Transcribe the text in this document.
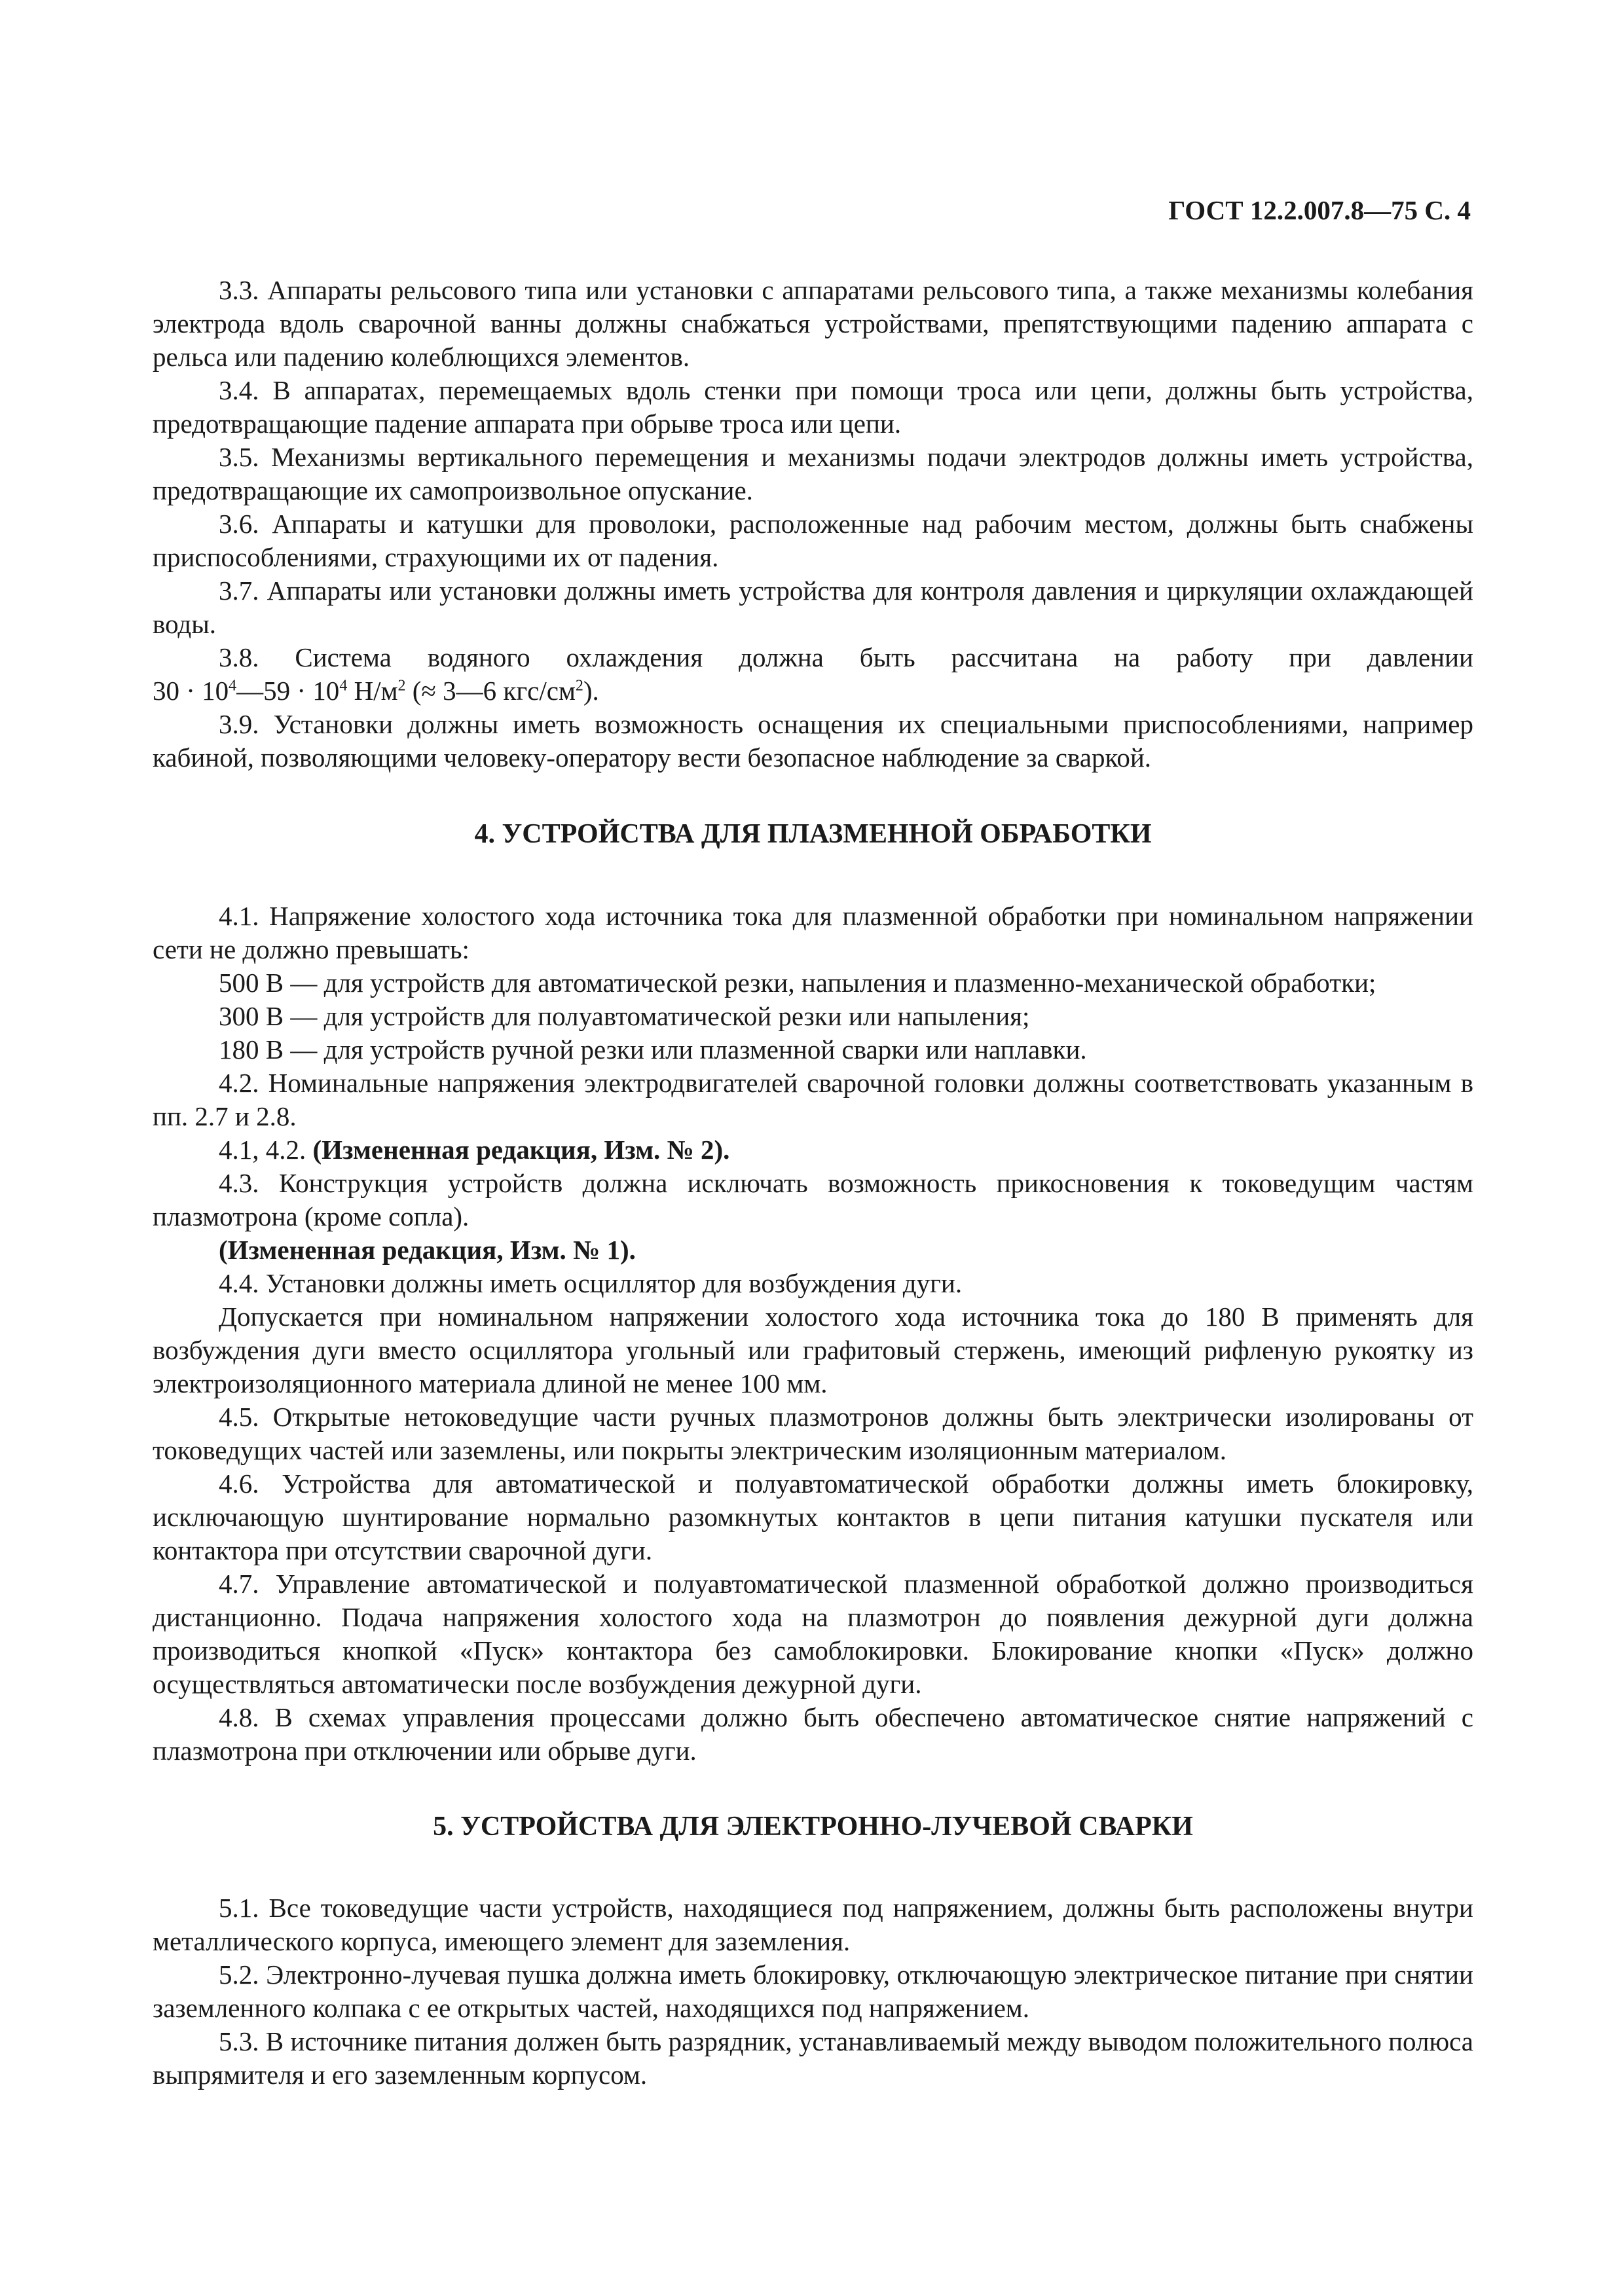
ГОСТ 12.2.007.8—75 С. 4

3.3. Аппараты рельсового типа или установки с аппаратами рельсового типа, а также механизмы колебания электрода вдоль сварочной ванны должны снабжаться устройствами, препятствующими падению аппарата с рельса или падению колеблющихся элементов.

3.4. В аппаратах, перемещаемых вдоль стенки при помощи троса или цепи, должны быть устройства, предотвращающие падение аппарата при обрыве троса или цепи.

3.5. Механизмы вертикального перемещения и механизмы подачи электродов должны иметь устройства, предотвращающие их самопроизвольное опускание.

3.6. Аппараты и катушки для проволоки, расположенные над рабочим местом, должны быть снабжены приспособлениями, страхующими их от падения.

3.7. Аппараты или установки должны иметь устройства для контроля давления и циркуляции охлаждающей воды.

3.8. Система водяного охлаждения должна быть рассчитана на работу при давлении

$30 \cdot 10^4—59 \cdot 10^4$ $Н/м^2$ (≈ 3—6 кгс/$см^2$).

3.9. Установки должны иметь возможность оснащения их специальными приспособлениями, например кабиной, позволяющими человеку-оператору вести безопасное наблюдение за сваркой.

4. УСТРОЙСТВА ДЛЯ ПЛАЗМЕННОЙ ОБРАБОТКИ

4.1. Напряжение холостого хода источника тока для плазменной обработки при номинальном напряжении сети не должно превышать:

500 В — для устройств для автоматической резки, напыления и плазменно-механической обработки;

300 В — для устройств для полуавтоматической резки или напыления;

180 В — для устройств ручной резки или плазменной сварки или наплавки.

4.2. Номинальные напряжения электродвигателей сварочной головки должны соответствовать указанным в пп. 2.7 и 2.8.

4.1, 4.2. (Измененная редакция, Изм. № 2).

4.3. Конструкция устройств должна исключать возможность прикосновения к токоведущим частям плазмотрона (кроме сопла).

(Измененная редакция, Изм. № 1).

4.4. Установки должны иметь осциллятор для возбуждения дуги.

Допускается при номинальном напряжении холостого хода источника тока до 180 В применять для возбуждения дуги вместо осциллятора угольный или графитовый стержень, имеющий рифленую рукоятку из электроизоляционного материала длиной не менее 100 мм.

4.5. Открытые нетоковедущие части ручных плазмотронов должны быть электрически изолированы от токоведущих частей или заземлены, или покрыты электрическим изоляционным материалом.

4.6. Устройства для автоматической и полуавтоматической обработки должны иметь блокировку, исключающую шунтирование нормально разомкнутых контактов в цепи питания катушки пускателя или контактора при отсутствии сварочной дуги.

4.7. Управление автоматической и полуавтоматической плазменной обработкой должно производиться дистанционно. Подача напряжения холостого хода на плазмотрон до появления дежурной дуги должна производиться кнопкой «Пуск» контактора без самоблокировки. Блокирование кнопки «Пуск» должно осуществляться автоматически после возбуждения дежурной дуги.

4.8. В схемах управления процессами должно быть обеспечено автоматическое снятие напряжений с плазмотрона при отключении или обрыве дуги.

5. УСТРОЙСТВА ДЛЯ ЭЛЕКТРОННО-ЛУЧЕВОЙ СВАРКИ

5.1. Все токоведущие части устройств, находящиеся под напряжением, должны быть расположены внутри металлического корпуса, имеющего элемент для заземления.

5.2. Электронно-лучевая пушка должна иметь блокировку, отключающую электрическое питание при снятии заземленного колпака с ее открытых частей, находящихся под напряжением.

5.3. В источнике питания должен быть разрядник, устанавливаемый между выводом положительного полюса выпрямителя и его заземленным корпусом.
